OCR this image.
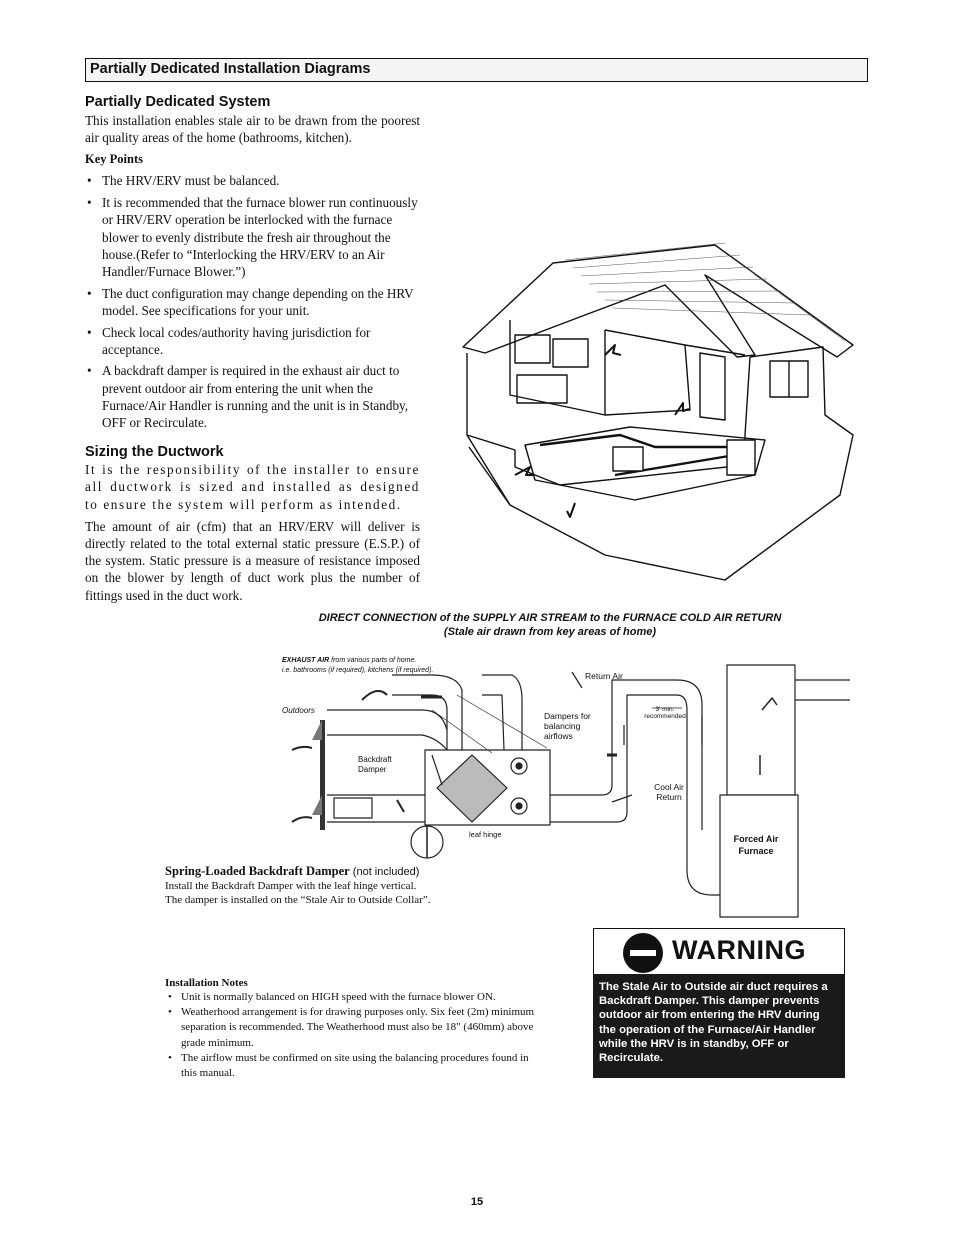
Partially Dedicated Installation Diagrams
Partially Dedicated System

This installation enables stale air to be drawn from the poorest air quality areas of the home (bathrooms, kitchen).

Key Points
• The HRV/ERV must be balanced.
• It is recommended that the furnace blower run continuously or HRV/ERV operation be interlocked with the furnace blower to evenly distribute the fresh air throughout the house.(Refer to “Interlocking the HRV/ERV to an Air Handler/Furnace Blower.”)
• The duct configuration may change depending on the HRV model. See specifications for your unit.
• Check local codes/authority having jurisdiction for acceptance.
• A backdraft damper is required in the exhaust air duct to prevent outdoor air from entering the unit when the Furnace/Air Handler is running and the unit is in Standby, OFF or Recirculate.
Sizing the Ductwork

It is the responsibility of the installer to ensure all ductwork is sized and installed as designed to ensure the system will perform as intended.

The amount of air (cfm) that an HRV/ERV will deliver is directly related to the total external static pressure (E.S.P.) of the system. Static pressure is a measure of resistance imposed on the blower by length of duct work plus the number of fittings used in the duct work.

DIRECT CONNECTION of the SUPPLY AIR STREAM to the FURNACE COLD AIR RETURN
(Stale air drawn from key areas of home)
EXHAUST AIR from various parts of home.
i.e. bathrooms (if required), kitchens (if required).
Outdoors
Backdraft
Damper
leaf hinge
Dampers for
balancing
airflows
Return Air
3' min.
recommended
Cool Air
Return
Forced Air
Furnace
Spring-Loaded Backdraft Damper (not included)
Install the Backdraft Damper with the leaf hinge vertical.
The damper is installed on the “Stale Air to Outside Collar”.
Installation Notes
• Unit is normally balanced on HIGH speed with the furnace blower ON.
• Weatherhood arrangement is for drawing purposes only. Six feet (2m) minimum separation is recommended. The Weatherhood must also be 18" (460mm) above grade minimum.
• The airflow must be confirmed on site using the balancing procedures found in this manual.
WARNING
The Stale Air to Outside air duct requires a Backdraft Damper. This damper prevents outdoor air from entering the HRV during the operation of the Furnace/Air Handler while the HRV is in standby, OFF or Recirculate.
15
